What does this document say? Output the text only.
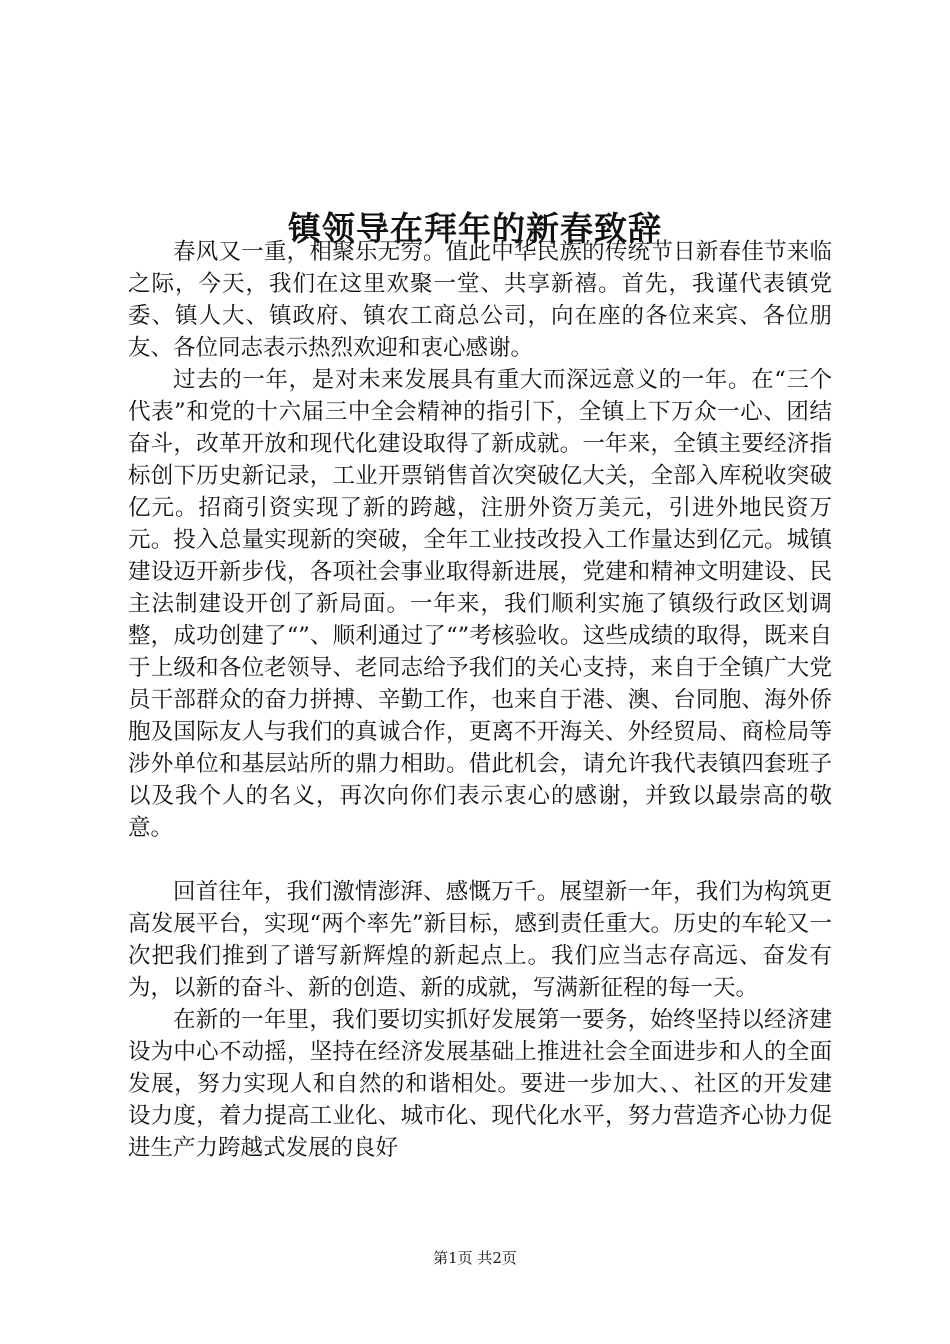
镇领导在拜年的新春致辞

春风又一重，相聚乐无穷。值此中华民族的传统节日新春佳节来临之际，今天，我们在这里欢聚一堂、共享新禧。首先，我谨代表镇党委、镇人大、镇政府、镇农工商总公司，向在座的各位来宾、各位朋友、各位同志表示热烈欢迎和衷心感谢。

过去的一年，是对未来发展具有重大而深远意义的一年。在“三个代表”和党的十六届三中全会精神的指引下，全镇上下万众一心、团结奋斗，改革开放和现代化建设取得了新成就。一年来，全镇主要经济指标创下历史新记录，工业开票销售首次突破亿大关，全部入库税收突破亿元。招商引资实现了新的跨越，注册外资万美元，引进外地民资万元。投入总量实现新的突破，全年工业技改投入工作量达到亿元。城镇建设迈开新步伐，各项社会事业取得新进展，党建和精神文明建设、民主法制建设开创了新局面。一年来，我们顺利实施了镇级行政区划调整，成功创建了“”、顺利通过了“”考核验收。这些成绩的取得，既来自于上级和各位老领导、老同志给予我们的关心支持，来自于全镇广大党员干部群众的奋力拼搏、辛勤工作，也来自于港、澳、台同胞、海外侨胞及国际友人与我们的真诚合作，更离不开海关、外经贸局、商检局等涉外单位和基层站所的鼎力相助。借此机会，请允许我代表镇四套班子以及我个人的名义，再次向你们表示衷心的感谢，并致以最崇高的敬意。

回首往年，我们激情澎湃、感慨万千。展望新一年，我们为构筑更高发展平台，实现“两个率先”新目标，感到责任重大。历史的车轮又一次把我们推到了谱写新辉煌的新起点上。我们应当志存高远、奋发有为，以新的奋斗、新的创造、新的成就，写满新征程的每一天。

在新的一年里，我们要切实抓好发展第一要务，始终坚持以经济建设为中心不动摇，坚持在经济发展基础上推进社会全面进步和人的全面发展，努力实现人和自然的和谐相处。要进一步加大、、社区的开发建设力度，着力提高工业化、城市化、现代化水平，努力营造齐心协力促进生产力跨越式发展的良好

第1页 共2页
